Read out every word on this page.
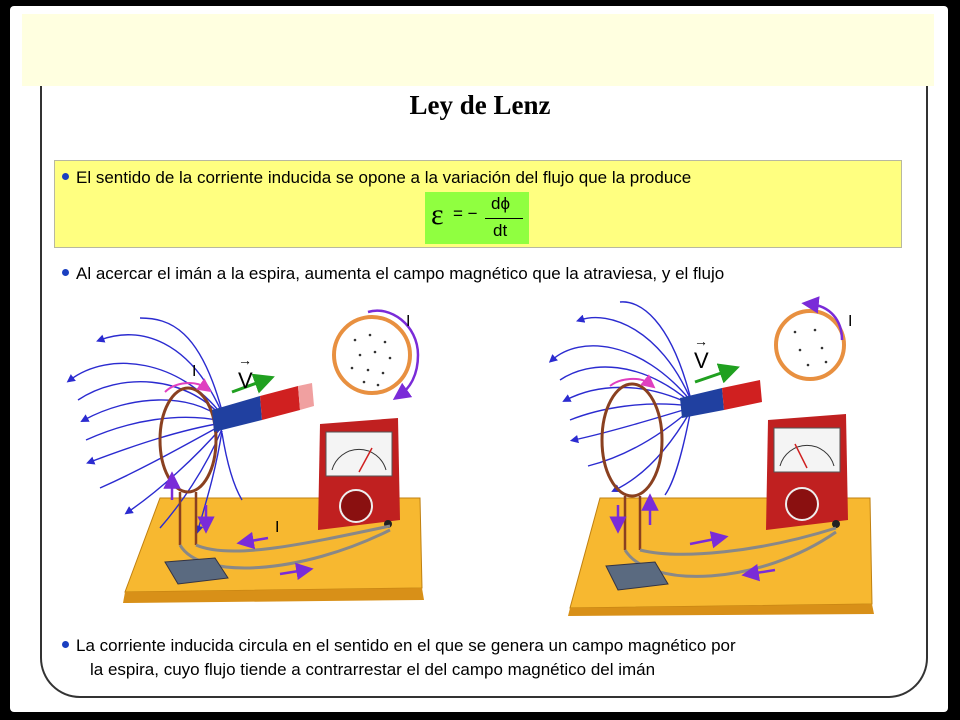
Ley de Lenz
El sentido de la corriente inducida se opone a la variación del flujo que la produce
ε = −
dϕ
dt
Al acercar el imán a la espira, aumenta el campo magnético que la atraviesa, y el flujo
V
→
I
I
I
V
→
I
La corriente inducida circula en el sentido en el que se genera un campo magnético por
la espira, cuyo flujo tiende a contrarrestar el del campo magnético del imán
